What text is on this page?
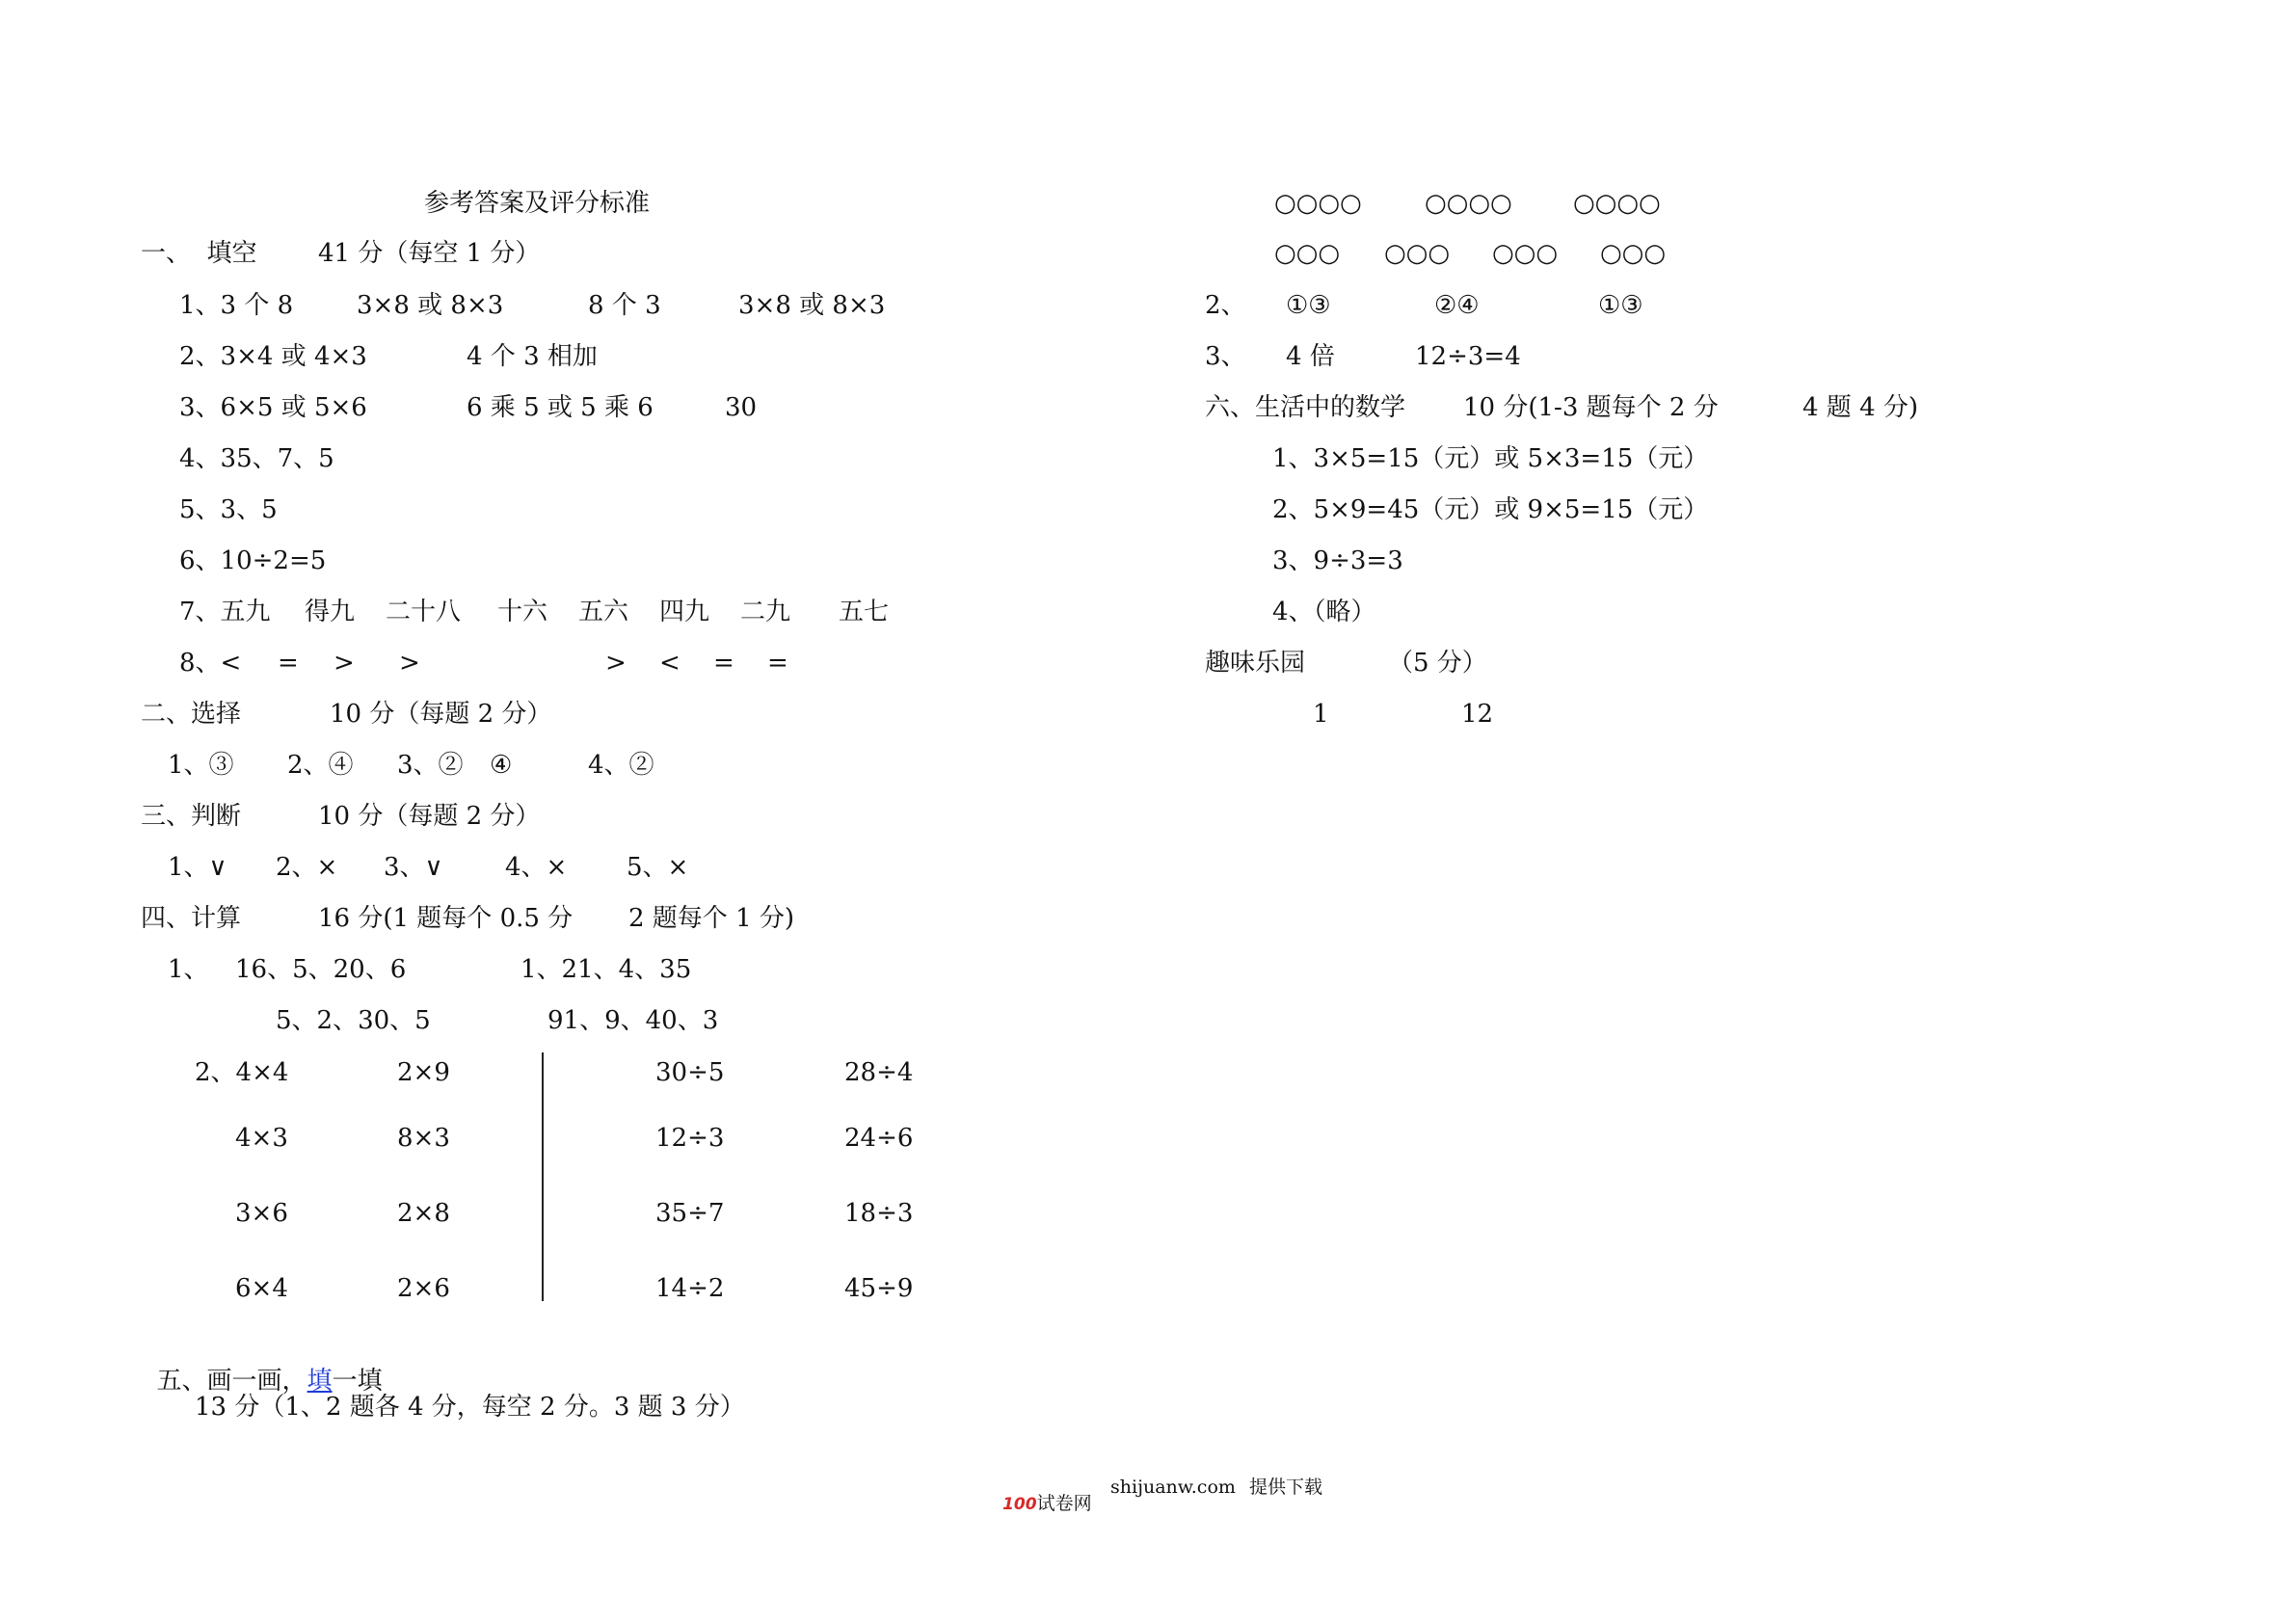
参考答案及评分标准
一、  填空 41 分（每空 1 分）
1、3 个 8	3×8 或 8×3	8 个 3	3×8 或 8×3
2、3×4 或 4×3	4 个 3 相加
3、6×5 或 5×6	6 乘 5 或 5 乘 6	30
4、35、7、5
5、3、5
6、10÷2=5
7、五九 得九 二十八 十六 五六 四九 二九 五七
8、< = > >	> < = =
二、选择	10 分（每题 2 分）
1、③ 2、④ 3、② ④	4、②
三、判断	10 分（每题 2 分）
1、∨ 2、× 3、∨ 4、× 5、×
四、计算	16 分(1 题每个 0.5 分 2 题每个 1 分)
1、 16、5、20、6	1、21、4、35
5、2、30、5	91、9、40、3
2、4×4	2×9	30÷5	28÷4
4×3	8×3	12÷3	24÷6
3×6	2×8	35÷7	18÷3
6×4	2×6	14÷2	45÷9

五、画一画，填一填

13 分（1、2 题各 4 分，每空 2 分。3 题 3 分）
○○○○	○○○○ ○○○○
○○○ ○○○ ○○○ ○○○
2、 ①③	②④	①③
3、 4 倍	12÷3=4
六、生活中的数学 10 分(1-3 题每个 2 分	4 题 4 分)
1、3×5=15（元）或 5×3=15（元）
2、5×9=45（元）或 9×5=15（元）
3、9÷3=3
4、（略）
趣味乐园	（5 分）
1	12

100试卷网

shijuanw.com 提供下载
